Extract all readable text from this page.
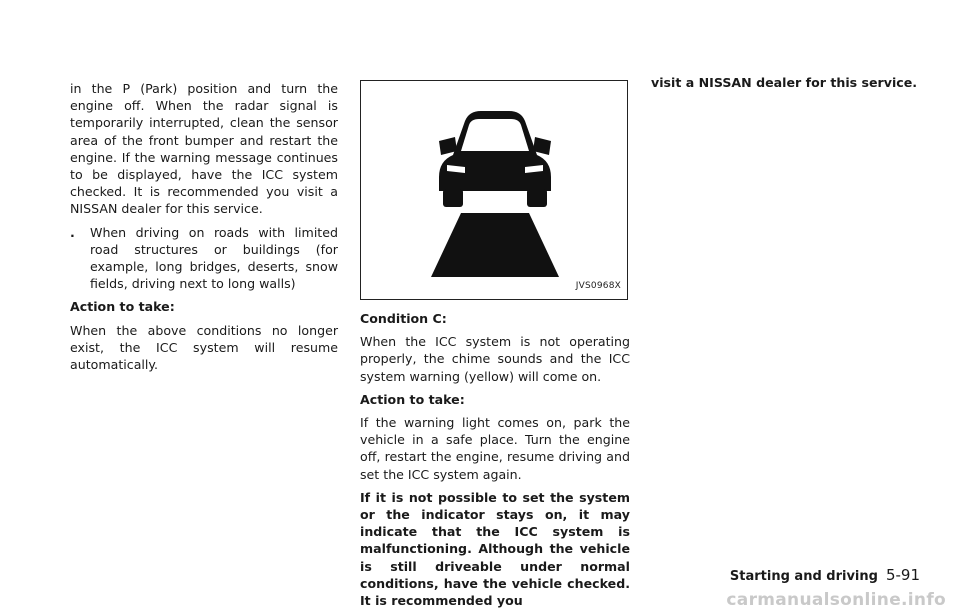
in the P (Park) position and turn the engine off. When the radar signal is temporarily interrupted, clean the sensor area of the front bumper and restart the engine. If the warning message continues to be displayed, have the ICC system checked. It is recommended you visit a NISSAN dealer for this service.

.	When driving on roads with limited road structures or buildings (for example, long bridges, deserts, snow fields, driving next to long walls)

Action to take:

When the above conditions no longer exist, the ICC system will resume automatically.

JVS0968X

Condition C:

When the ICC system is not operating properly, the chime sounds and the ICC system warning (yellow) will come on.

Action to take:

If the warning light comes on, park the vehicle in a safe place. Turn the engine off, restart the engine, resume driving and set the ICC system again.

If it is not possible to set the system or the indicator stays on, it may indicate that the ICC system is malfunctioning. Although the vehicle is still driveable under normal conditions, have the vehicle checked. It is recommended you

visit a NISSAN dealer for this service.

Starting and driving 5-91
carmanualsonline.info
